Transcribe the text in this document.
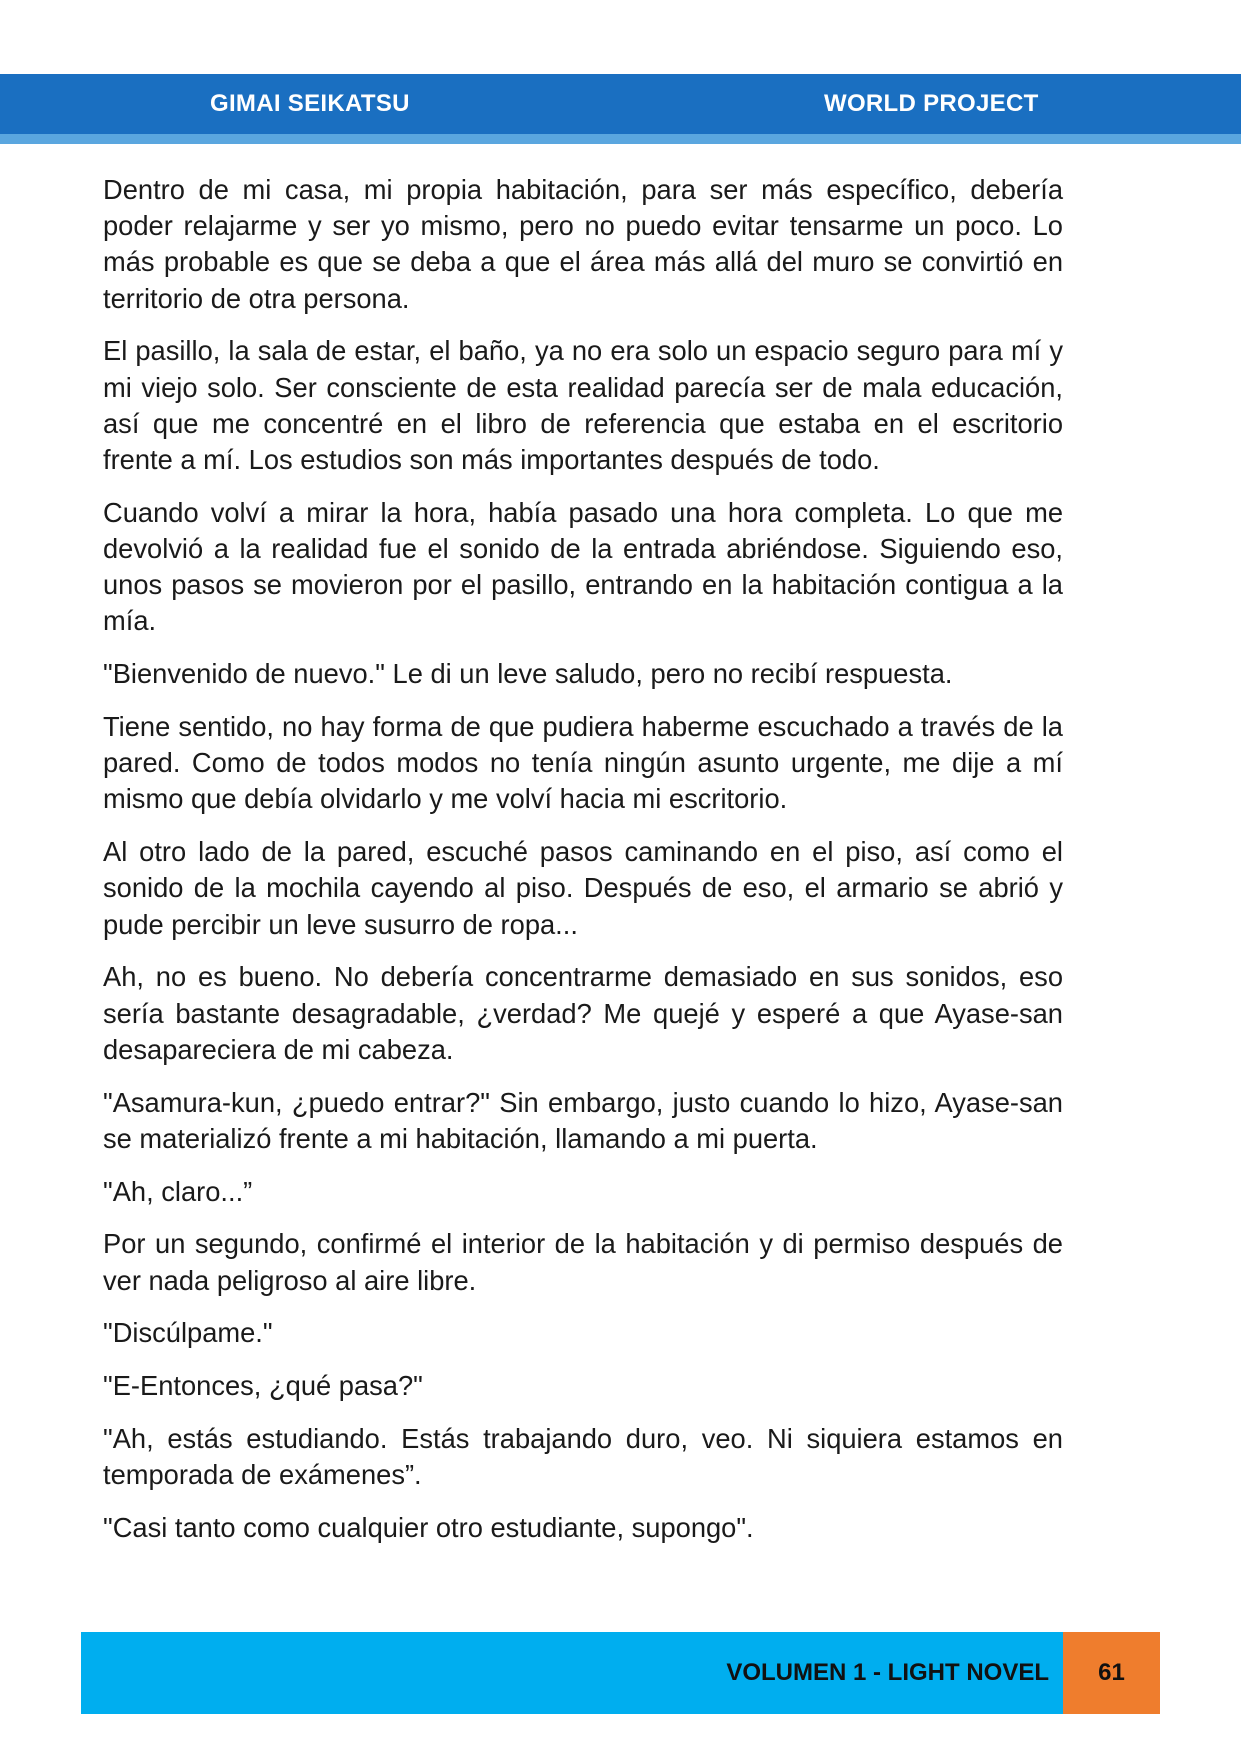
GIMAI SEIKATSU	WORLD PROJECT

Dentro de mi casa, mi propia habitación, para ser más específico, debería poder relajarme y ser yo mismo, pero no puedo evitar tensarme un poco. Lo más probable es que se deba a que el área más allá del muro se convirtió en territorio de otra persona.

El pasillo, la sala de estar, el baño, ya no era solo un espacio seguro para mí y mi viejo solo. Ser consciente de esta realidad parecía ser de mala educación, así que me concentré en el libro de referencia que estaba en el escritorio frente a mí. Los estudios son más importantes después de todo.

Cuando volví a mirar la hora, había pasado una hora completa. Lo que me devolvió a la realidad fue el sonido de la entrada abriéndose. Siguiendo eso, unos pasos se movieron por el pasillo, entrando en la habitación contigua a la mía.

"Bienvenido de nuevo." Le di un leve saludo, pero no recibí respuesta.

Tiene sentido, no hay forma de que pudiera haberme escuchado a través de la pared. Como de todos modos no tenía ningún asunto urgente, me dije a mí mismo que debía olvidarlo y me volví hacia mi escritorio.

Al otro lado de la pared, escuché pasos caminando en el piso, así como el sonido de la mochila cayendo al piso. Después de eso, el armario se abrió y pude percibir un leve susurro de ropa...

Ah, no es bueno. No debería concentrarme demasiado en sus sonidos, eso sería bastante desagradable, ¿verdad? Me quejé y esperé a que Ayase-san desapareciera de mi cabeza.

"Asamura-kun, ¿puedo entrar?" Sin embargo, justo cuando lo hizo, Ayase-san se materializó frente a mi habitación, llamando a mi puerta.

"Ah, claro...”

Por un segundo, confirmé el interior de la habitación y di permiso después de ver nada peligroso al aire libre.

"Discúlpame."

"E-Entonces, ¿qué pasa?"

"Ah, estás estudiando. Estás trabajando duro, veo. Ni siquiera estamos en temporada de exámenes”.

"Casi tanto como cualquier otro estudiante, supongo".

VOLUMEN 1 - LIGHT NOVEL	61
